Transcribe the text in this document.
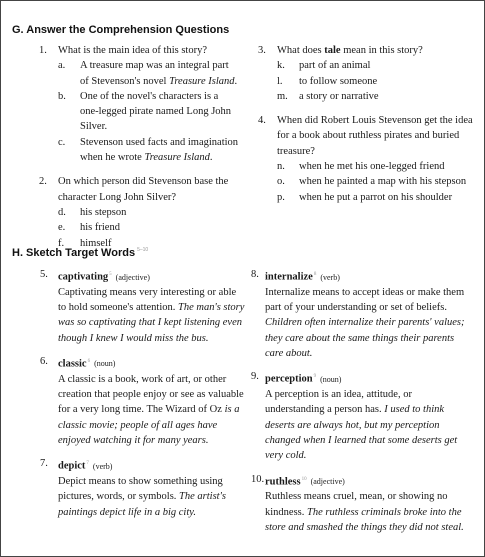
G. Answer the Comprehension Questions
1. What is the main idea of this story?
a. A treasure map was an integral part of Stevenson's novel Treasure Island.
b. One of the novel's characters is a one-legged pirate named Long John Silver.
c. Stevenson used facts and imagination when he wrote Treasure Island.
2. On which person did Stevenson base the character Long John Silver?
d. his stepson
e. his friend
f. himself
3. What does tale mean in this story?
k. part of an animal
l. to follow someone
m. a story or narrative
4. When did Robert Louis Stevenson get the idea for a book about ruthless pirates and buried treasure?
n. when he met his one-legged friend
o. when he painted a map with his stepson
p. when he put a parrot on his shoulder
H. Sketch Target Words $^{5-10}$
5. captivating$^5$ (adjective)
Captivating means very interesting or able to hold someone's attention. The man's story was so captivating that I kept listening even though I knew I would miss the bus.
6. classic$^6$ (noun)
A classic is a book, work of art, or other creation that people enjoy or see as valuable for a very long time. The Wizard of Oz is a classic movie; people of all ages have enjoyed watching it for many years.
7. depict$^7$ (verb)
Depict means to show something using pictures, words, or symbols. The artist's paintings depict life in a big city.
8. internalize$^8$ (verb)
Internalize means to accept ideas or make them part of your understanding or set of beliefs. Children often internalize their parents' values; they care about the same things their parents care about.
9. perception$^9$ (noun)
A perception is an idea, attitude, or understanding a person has. I used to think deserts are always hot, but my perception changed when I learned that some deserts get very cold.
10. ruthless$^{10}$ (adjective)
Ruthless means cruel, mean, or showing no kindness. The ruthless criminals broke into the store and smashed the things they did not steal.
